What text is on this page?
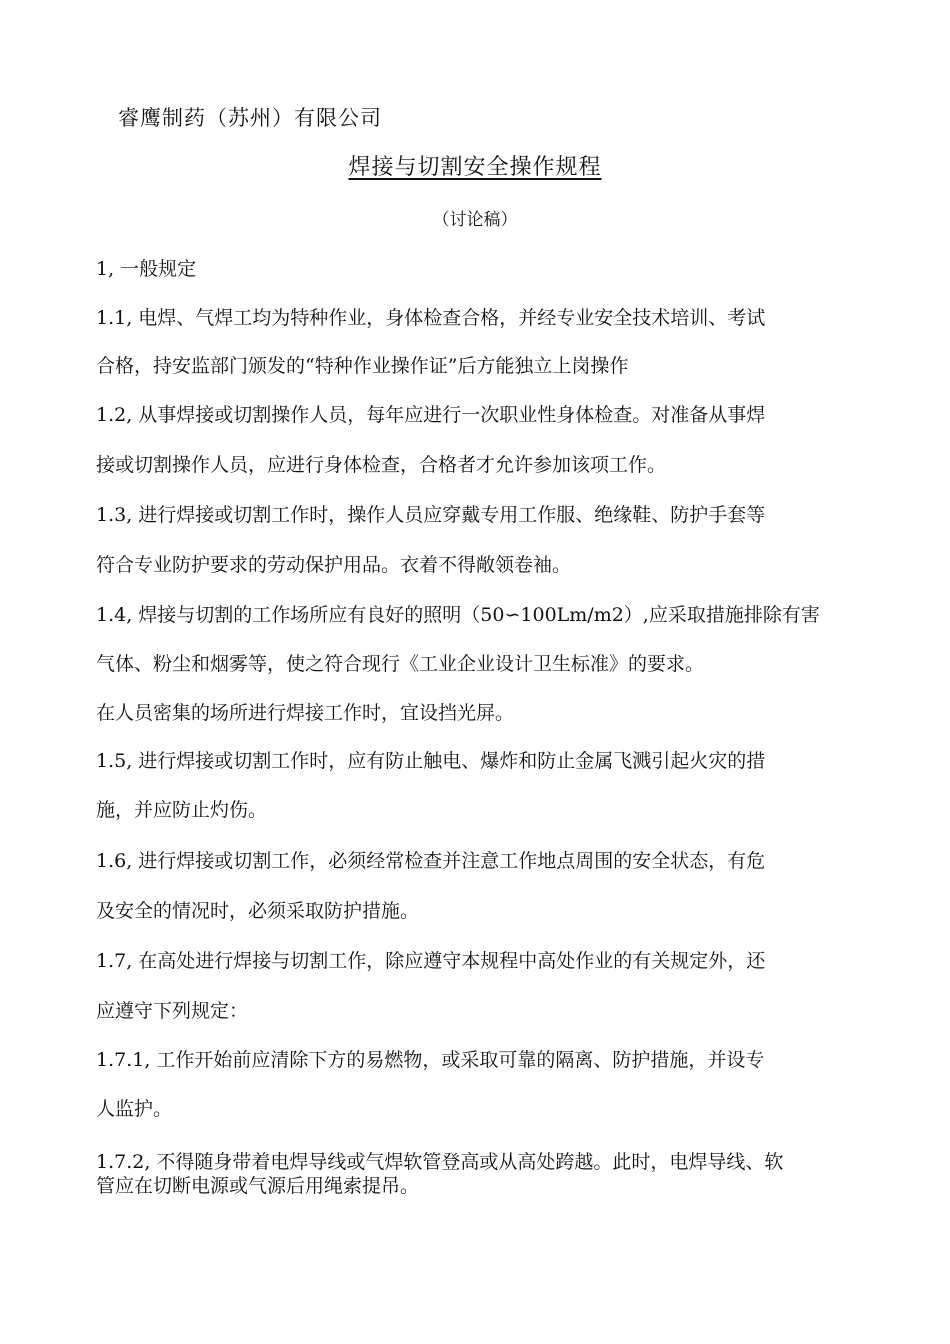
睿鹰制药（苏州）有限公司
焊接与切割安全操作规程
（讨论稿）
1, 一般规定
1.1, 电焊、气焊工均为特种作业，身体检查合格，并经专业安全技术培训、考试
合格，持安监部门颁发的“特种作业操作证”后方能独立上岗操作
1.2, 从事焊接或切割操作人员，每年应进行一次职业性身体检查。对准备从事焊
接或切割操作人员，应进行身体检查，合格者才允许参加该项工作。
1.3, 进行焊接或切割工作时，操作人员应穿戴专用工作服、绝缘鞋、防护手套等
符合专业防护要求的劳动保护用品。衣着不得敞领卷袖。
1.4, 焊接与切割的工作场所应有良好的照明（50∽100Lm/m2）,应采取措施排除有害
气体、粉尘和烟雾等，使之符合现行《工业企业设计卫生标准》的要求。
在人员密集的场所进行焊接工作时，宜设挡光屏。
1.5, 进行焊接或切割工作时，应有防止触电、爆炸和防止金属飞溅引起火灾的措
施，并应防止灼伤。
1.6, 进行焊接或切割工作，必须经常检查并注意工作地点周围的安全状态，有危
及安全的情况时，必须采取防护措施。
1.7, 在高处进行焊接与切割工作，除应遵守本规程中高处作业的有关规定外，还
应遵守下列规定：
1.7.1, 工作开始前应清除下方的易燃物，或采取可靠的隔离、防护措施，并设专
人监护。
1.7.2, 不得随身带着电焊导线或气焊软管登高或从高处跨越。此时，电焊导线、软
管应在切断电源或气源后用绳索提吊。
